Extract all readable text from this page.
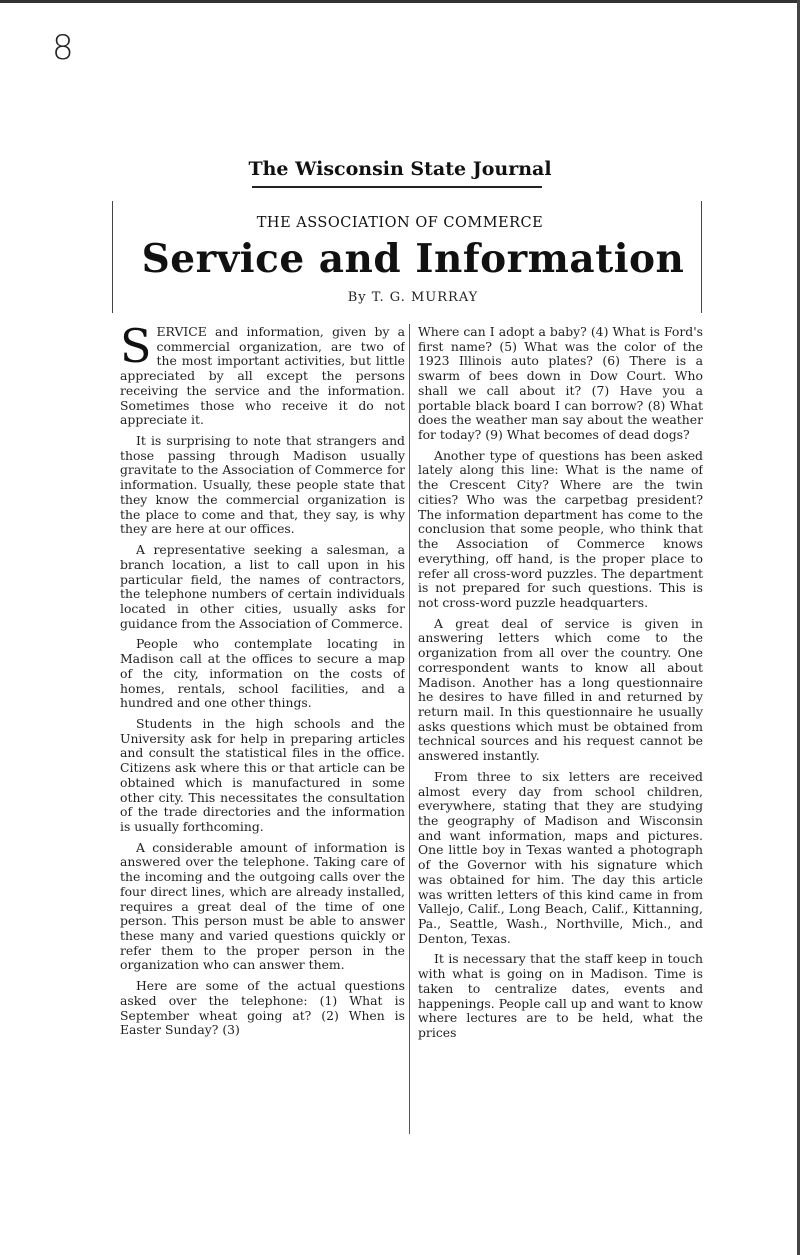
8
The Wisconsin State Journal
THE ASSOCIATION OF COMMERCE
Service and Information
By T. G. MURRAY

SERVICE and information, given by a commercial organization, are two of the most important activities, but little appreciated by all except the persons receiving the service and the information. Sometimes those who receive it do not appreciate it.

It is surprising to note that strangers and those passing through Madison usually gravitate to the Association of Commerce for information. Usually, these people state that they know the commercial organization is the place to come and that, they say, is why they are here at our offices.

A representative seeking a salesman, a branch location, a list to call upon in his particular field, the names of contractors, the telephone numbers of certain individuals located in other cities, usually asks for guidance from the Association of Commerce.

People who contemplate locating in Madison call at the offices to secure a map of the city, information on the costs of homes, rentals, school facilities, and a hundred and one other things.

Students in the high schools and the University ask for help in preparing articles and consult the statistical files in the office. Citizens ask where this or that article can be obtained which is manufactured in some other city. This necessitates the consultation of the trade directories and the information is usually forthcoming.

A considerable amount of information is answered over the telephone. Taking care of the incoming and the outgoing calls over the four direct lines, which are already installed, requires a great deal of the time of one person. This person must be able to answer these many and varied questions quickly or refer them to the proper person in the organization who can answer them.

Here are some of the actual questions asked over the telephone: (1) What is September wheat going at? (2) When is Easter Sunday? (3)

Where can I adopt a baby? (4) What is Ford's first name? (5) What was the color of the 1923 Illinois auto plates? (6) There is a swarm of bees down in Dow Court. Who shall we call about it? (7) Have you a portable black board I can borrow? (8) What does the weather man say about the weather for today? (9) What becomes of dead dogs?

Another type of questions has been asked lately along this line: What is the name of the Crescent City? Where are the twin cities? Who was the carpetbag president? The information department has come to the conclusion that some people, who think that the Association of Commerce knows everything, off hand, is the proper place to refer all cross-word puzzles. The department is not prepared for such questions. This is not cross-word puzzle headquarters.

A great deal of service is given in answering letters which come to the organization from all over the country. One correspondent wants to know all about Madison. Another has a long questionnaire he desires to have filled in and returned by return mail. In this questionnaire he usually asks questions which must be obtained from technical sources and his request cannot be answered instantly.

From three to six letters are received almost every day from school children, everywhere, stating that they are studying the geography of Madison and Wisconsin and want information, maps and pictures. One little boy in Texas wanted a photograph of the Governor with his signature which was obtained for him. The day this article was written letters of this kind came in from Vallejo, Calif., Long Beach, Calif., Kittanning, Pa., Seattle, Wash., Northville, Mich., and Denton, Texas.

It is necessary that the staff keep in touch with what is going on in Madison. Time is taken to centralize dates, events and happenings. People call up and want to know where lectures are to be held, what the prices
